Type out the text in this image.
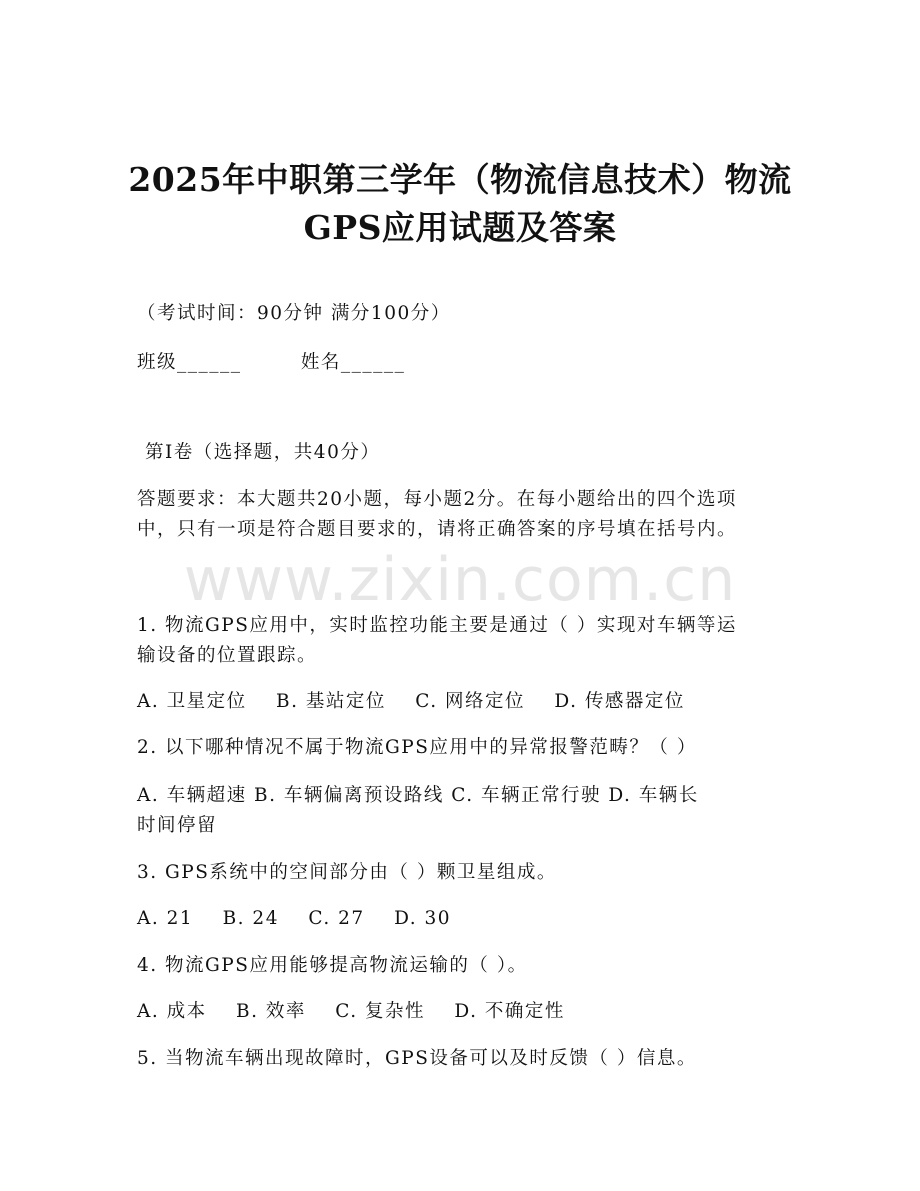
2025年中职第三学年（物流信息技术）物流
GPS应用试题及答案
（考试时间：90分钟 满分100分）
班级______	姓名______
第Ⅰ卷（选择题，共40分）
答题要求：本大题共20小题，每小题2分。在每小题给出的四个选项
中，只有一项是符合题目要求的，请将正确答案的序号填在括号内。
www.zixin.com.cn
1. 物流GPS应用中，实时监控功能主要是通过（ ）实现对车辆等运
输设备的位置跟踪。
A. 卫星定位 B. 基站定位 C. 网络定位 D. 传感器定位
2. 以下哪种情况不属于物流GPS应用中的异常报警范畴？（ ）
A. 车辆超速 B. 车辆偏离预设路线 C. 车辆正常行驶 D. 车辆长
时间停留
3. GPS系统中的空间部分由（ ）颗卫星组成。
A. 21 B. 24 C. 27 D. 30
4. 物流GPS应用能够提高物流运输的（ ）。
A. 成本 B. 效率 C. 复杂性 D. 不确定性
5. 当物流车辆出现故障时，GPS设备可以及时反馈（ ）信息。
